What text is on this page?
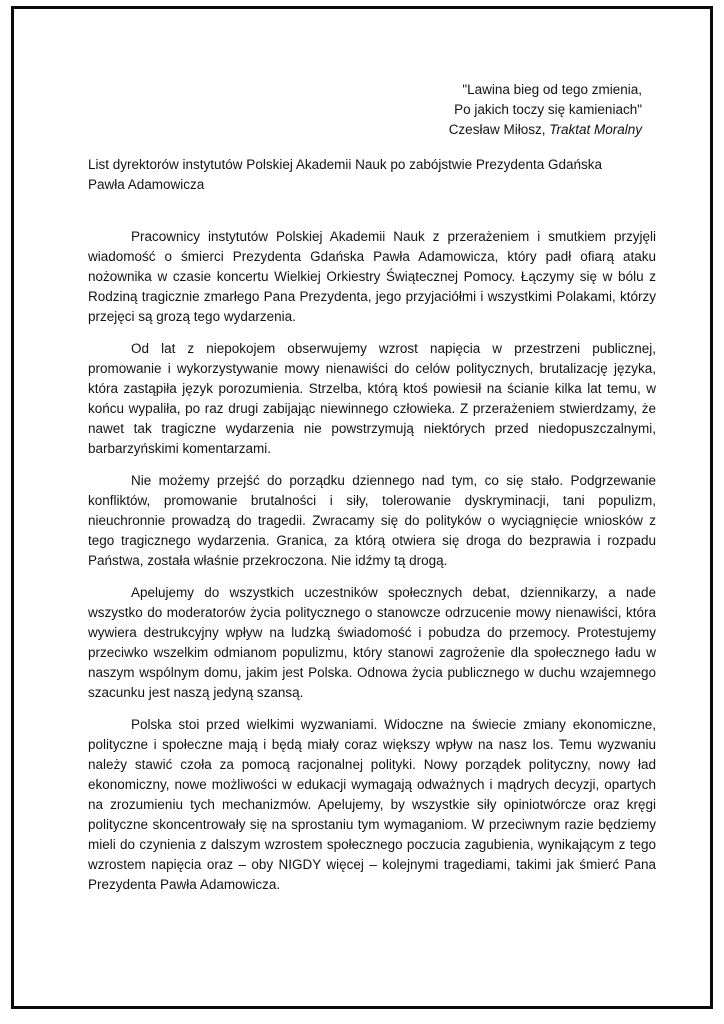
"Lawina bieg od tego zmienia,
Po jakich toczy się kamieniach"
Czesław Miłosz, Traktat Moralny
List dyrektorów instytutów Polskiej Akademii Nauk po zabójstwie Prezydenta Gdańska
Pawła Adamowicza

Pracownicy instytutów Polskiej Akademii Nauk z przerażeniem i smutkiem przyjęli wiadomość o śmierci Prezydenta Gdańska Pawła Adamowicza, który padł ofiarą ataku nożownika w czasie koncertu Wielkiej Orkiestry Świątecznej Pomocy. Łączymy się w bólu z Rodziną tragicznie zmarłego Pana Prezydenta, jego przyjaciółmi i wszystkimi Polakami, którzy przejęci są grozą tego wydarzenia.

Od lat z niepokojem obserwujemy wzrost napięcia w przestrzeni publicznej, promowanie i wykorzystywanie mowy nienawiści do celów politycznych, brutalizację języka, która zastąpiła język porozumienia. Strzelba, którą ktoś powiesił na ścianie kilka lat temu, w końcu wypaliła, po raz drugi zabijając niewinnego człowieka. Z przerażeniem stwierdzamy, że nawet tak tragiczne wydarzenia nie powstrzymują niektórych przed niedopuszczalnymi, barbarzyńskimi komentarzami.

Nie możemy przejść do porządku dziennego nad tym, co się stało. Podgrzewanie konfliktów, promowanie brutalności i siły, tolerowanie dyskryminacji, tani populizm, nieuchronnie prowadzą do tragedii. Zwracamy się do polityków o wyciągnięcie wniosków z tego tragicznego wydarzenia. Granica, za którą otwiera się droga do bezprawia i rozpadu Państwa, została właśnie przekroczona. Nie idźmy tą drogą.

Apelujemy do wszystkich uczestników społecznych debat, dziennikarzy, a nade wszystko do moderatorów życia politycznego o stanowcze odrzucenie mowy nienawiści, która wywiera destrukcyjny wpływ na ludzką świadomość i pobudza do przemocy. Protestujemy przeciwko wszelkim odmianom populizmu, który stanowi zagrożenie dla społecznego ładu w naszym wspólnym domu, jakim jest Polska. Odnowa życia publicznego w duchu wzajemnego szacunku jest naszą jedyną szansą.

Polska stoi przed wielkimi wyzwaniami. Widoczne na świecie zmiany ekonomiczne, polityczne i społeczne mają i będą miały coraz większy wpływ na nasz los. Temu wyzwaniu należy stawić czoła za pomocą racjonalnej polityki. Nowy porządek polityczny, nowy ład ekonomiczny, nowe możliwości w edukacji wymagają odważnych i mądrych decyzji, opartych na zrozumieniu tych mechanizmów. Apelujemy, by wszystkie siły opiniotwórcze oraz kręgi polityczne skoncentrowały się na sprostaniu tym wymaganiom. W przeciwnym razie będziemy mieli do czynienia z dalszym wzrostem społecznego poczucia zagubienia, wynikającym z tego wzrostem napięcia oraz – oby NIGDY więcej – kolejnymi tragediami, takimi jak śmierć Pana Prezydenta Pawła Adamowicza.
